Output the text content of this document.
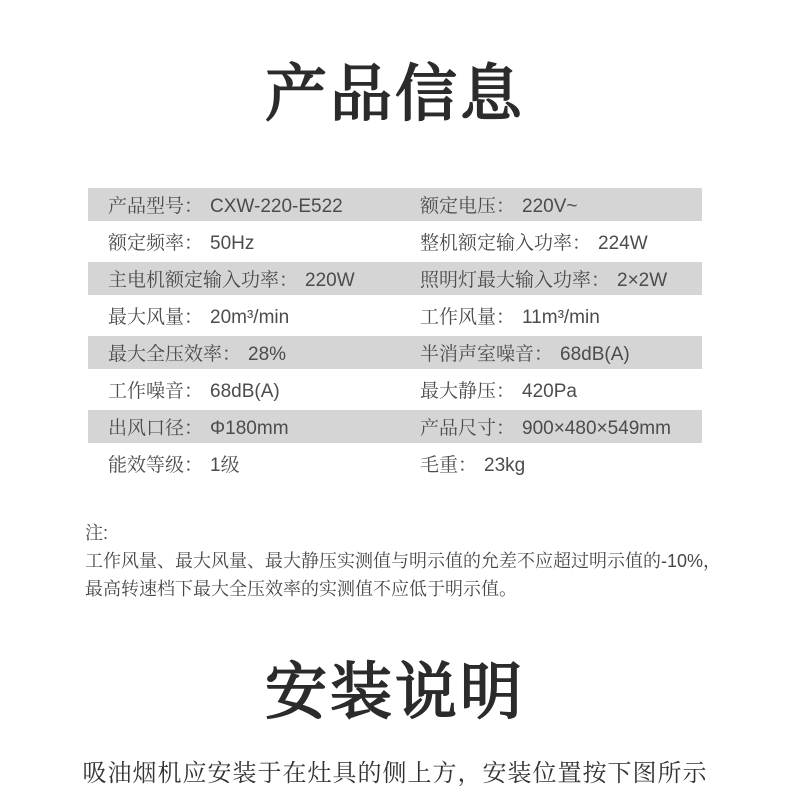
产品信息
产品型号： CXW-220-E522	额定电压： 220V~
额定频率： 50Hz	整机额定输入功率： 224W
主电机额定输入功率： 220W	照明灯最大输入功率： 2×2W
最大风量： 20m³/min	工作风量： 11m³/min
最大全压效率： 28%	半消声室噪音： 68dB(A)
工作噪音： 68dB(A)	最大静压： 420Pa
出风口径： Φ180mm	产品尺寸： 900×480×549mm
能效等级： 1级	毛重： 23kg
注:
工作风量、最大风量、最大静压实测值与明示值的允差不应超过明示值的-10%，
最高转速档下最大全压效率的实测值不应低于明示值。
安装说明
吸油烟机应安装于在灶具的侧上方，安装位置按下图所示
